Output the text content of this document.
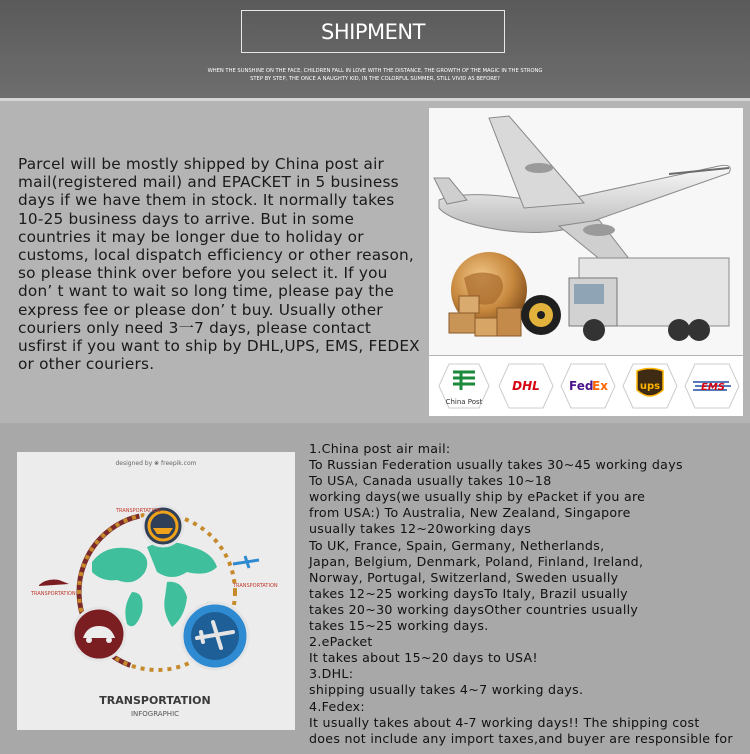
SHIPMENT
WHEN THE SUNSHINE ON THE FACE, CHILDREN FALL IN LOVE WITH THE DISTANCE, THE GROWTH OF THE MAGIC IN THE STRONG
STEP BY STEP, THE ONCE A NAUGHTY KID, IN THE COLORFUL SUMMER, STILL VIVID AS BEFORE?
Parcel will be mostly shipped by China post air mail(registered mail) and EPACKET in 5 business days if we have them in stock. It normally takes 10-25 business days to arrive. But in some countries it may be longer due to holiday or customs, local dispatch efficiency or other reason, so please think over before you select it. If you don’ t want to wait so long time, please pay the express fee or please don’ t buy. Usually other couriers only need 3一7 days, please contact usfirst if you want to ship by DHL,UPS, EMS, FEDEX or other couriers.
China Post
DHL Fed
Ex	ups	EMS
designed by ❀ freepik.com
TRANSPORTATION
TRANSPORTATION
TRANSPORTATION
TRANSPORTATION
INFOGRAPHIC
1.China post air mail:
To Russian Federation usually takes 30~45 working days
To USA, Canada usually takes 10~18
working days(we usually ship by ePacket if you are
from USA:) To Australia, New Zealand, Singapore
usually takes 12~20working days
To UK, France, Spain, Germany, Netherlands,
Japan, Belgium, Denmark, Poland, Finland, Ireland,
Norway, Portugal, Switzerland, Sweden usually
takes 12~25 working daysTo Italy, Brazil usually
takes 20~30 working daysOther countries usually
takes 15~25 working days.
2.ePacket
It takes about 15~20 days to USA!
3.DHL:
shipping usually takes 4~7 working days.
4.Fedex:
It usually takes about 4-7 working days!! The shipping cost
does not include any import taxes,and buyer are responsible for
